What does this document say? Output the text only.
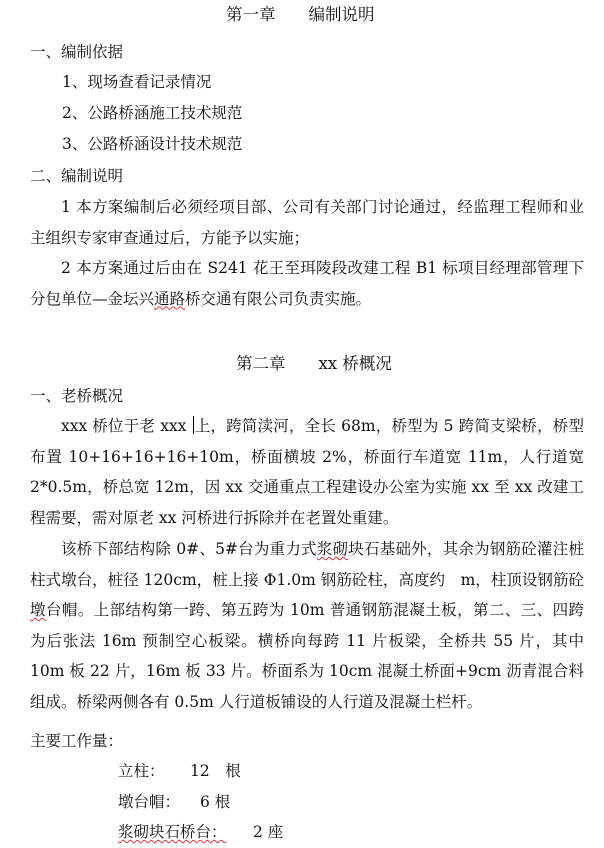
第一章　　编制说明
一、编制依据
1、现场查看记录情况
2、公路桥涵施工技术规范
3、公路桥涵设计技术规范
二、编制说明
1 本方案编制后必须经项目部、公司有关部门讨论通过，经监理工程师和业主组织专家审查通过后，方能予以实施；
2 本方案通过后由在 S241 花王至珥陵段改建工程 B1 标项目经理部管理下分包单位—金坛兴通路桥交通有限公司负责实施。
第二章　　xx 桥概况
一、老桥概况
xxx 桥位于老 xxx 上，跨简渎河，全长 68m，桥型为 5 跨简支梁桥，桥型布置 10+16+16+16+10m，桥面横坡 2%，桥面行车道宽 11m，人行道宽 2*0.5m，桥总宽 12m，因 xx 交通重点工程建设办公室为实施 xx 至 xx 改建工程需要，需对原老 xx 河桥进行拆除并在老置处重建。
该桥下部结构除 0#、5#台为重力式浆砌块石基础外，其余为钢筋砼灌注桩柱式墩台，桩径 120cm，桩上接 Φ1.0m 钢筋砼柱，高度约　m，柱顶设钢筋砼墩台帽。上部结构第一跨、第五跨为 10m 普通钢筋混凝土板，第二、三、四跨为后张法 16m 预制空心板梁。横桥向每跨 11 片板梁，全桥共 55 片，其中 10m 板 22 片，16m 板 33 片。桥面系为 10cm 混凝土桥面+9cm 沥青混合料组成。桥梁两侧各有 0.5m 人行道板铺设的人行道及混凝土栏杆。
主要工作量：
立柱： 12　根
墩台帽： 6 根
浆砌块石桥台： 2 座
